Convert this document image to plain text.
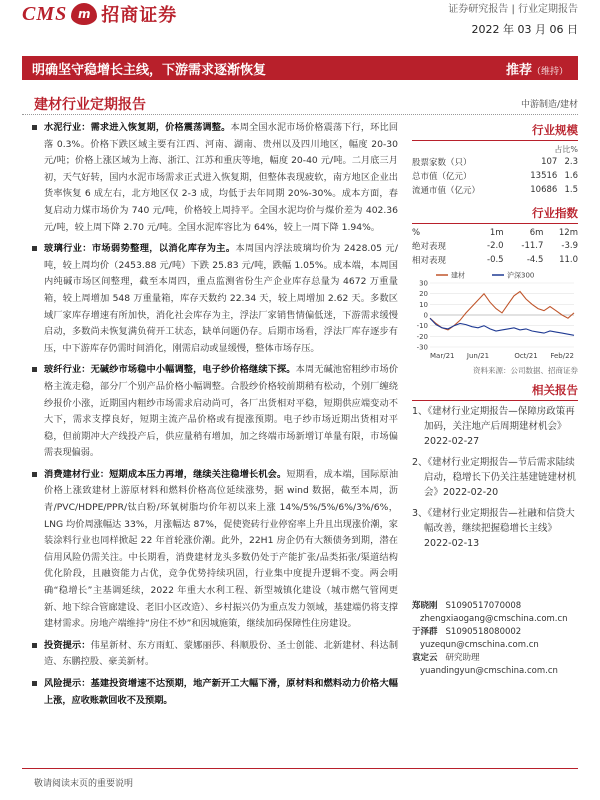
CMS m 招商证券	证券研究报告 | 行业定期报告
2022 年 03 月 06 日
明确坚守稳增长主线，下游需求逐渐恢复	推荐（维持）
建材行业定期报告	中游制造/建材
水泥行业：需求进入恢复期，价格震荡调整。本周全国水泥市场价格震荡下行，环比回落 0.3%。价格下跌区域主要有江西、河南、湖南、贵州以及四川地区，幅度 20-30 元/吨；价格上涨区域为上海、浙江、江苏和重庆等地，幅度 20-40 元/吨。二月底三月初，天气好转，国内水泥市场需求正式进入恢复期，但整体表现疲软，南方地区企业出货率恢复 6 成左右，北方地区仅 2-3 成，均低于去年同期 20%-30%。成本方面，春复启动力煤市场价为 740 元/吨，价格较上周持平。全国水泥均价与煤价差为 402.36 元/吨，较上周下降 2.70 元/吨。全国水泥库容比为 64%，较上一周下降 1.94%。
玻璃行业：市场弱势整理，以消化库存为主。本周国内浮法玻璃均价为 2428.05 元/吨，较上周均价（2453.88 元/吨）下跌 25.83 元/吨，跌幅 1.05%。成本端，本周国内纯碱市场区间整理，截至本周四，重点监测省份生产企业库存总量为 4672 万重量箱，较上周增加 548 万重量箱，库存天数约 22.34 天，较上周增加 2.62 天。多数区域厂家库存增速有所加快，消化社会库存为主，浮法厂家销售情偏低迷，下游需求缓慢启动，多数尚未恢复满负荷开工状态，缺单问题仍存。后期市场看，浮法厂库存逐步有压，中下游库存仍需时间消化，刚需启动或显缓慢，整体市场存压。
玻纤行业：无碱纱市场稳中小幅调整，电子纱价格继续下探。本周无碱池窑粗纱市场价格主流走稳，部分厂个别产品价格小幅调整。合股纱价格较前期稍有松动，个别厂缠绕纱报价小涨，近期国内粗纱市场需求启动尚可，各厂出货相对平稳，短期供应端变动不大下，需求支撑良好，短期主流产品价格或有提涨预期。电子纱市场近期出货相对平稳，但前期冲大产线投产后，供应量稍有增加，加之终端市场新增订单量有限，市场偏需表现偏弱。
消费建材行业：短期成本压力再增，继续关注稳增长机会。短期看，成本端，国际原油价格上涨致建材上游原材料和燃料价格高位延续涨势，据 wind 数据，截至本周，沥青/PVC/HDPE/PPR/钛白粉/环氧树脂均价年初以来上涨 14%/5%/5%/6%/3%/6%，LNG 均价周涨幅达 33%，月涨幅达 87%，促使瓷砖行业停窑率上升且出现涨价潮，家装涂料行业也同样掀起 22 年首轮涨价潮。此外，22H1 房企仍有大额债务到期，潜在信用风险仍需关注。中长期看，消费建材龙头多数仍处于产能扩张/品类拓张/渠道结构优化阶段，且融资能力占优，竞争优势持续巩固，行业集中度提升逻辑不变。两会明确“稳增长”主基调延续，2022 年重大水利工程、新型城镇化建设（城市燃气管网更新、地下综合管廊建设、老旧小区改造）、乡村振兴仍为重点发力领域，基建端仍将支撑建材需求。房地产端维持“房住不炒”和因城施策，继续加码保障性住房建设。
投资提示：伟星新材、东方雨虹、蒙娜丽莎、科顺股份、圣士创能、北新建材、科达制造、东鹏控股、豪美新材。
风险提示：基建投资增速不达预期，地产新开工大幅下滑，原材料和燃料动力价格大幅上涨，应收账款回收不及预期。
行业规模
占比%
股票家数（只）	107	2.3
总市值（亿元）	13516	1.6
流通市值（亿元）	10686	1.5
行业指数
%	1m	6m	12m
绝对表现	-2.0	-11.7	-3.9
相对表现	-0.5	-4.5	11.0
-30
-20
-10
0
10
20
30
Mar/21 Jun/21	Oct/21 Feb/22
建材	沪深300
资料来源：公司数据、招商证券
相关报告
1、《建材行业定期报告—保障房政策再加码，关注地产后周期建材机会》2022-02-27
2、《建材行业定期报告—节后需求陆续启动，稳增长下仍关注基建链建材机会》2022-02-20
3、《建材行业定期报告—社融和信贷大幅改善，继续把握稳增长主线》2022-02-13
郑晓刚 S1090517070008
zhengxiaogang@cmschina.com.cn
于泽群 S1090518080002
yuzequn@cmschina.com.cn
袁定云 研究助理
yuandingyun@cmschina.com.cn
敬请阅读末页的重要说明
